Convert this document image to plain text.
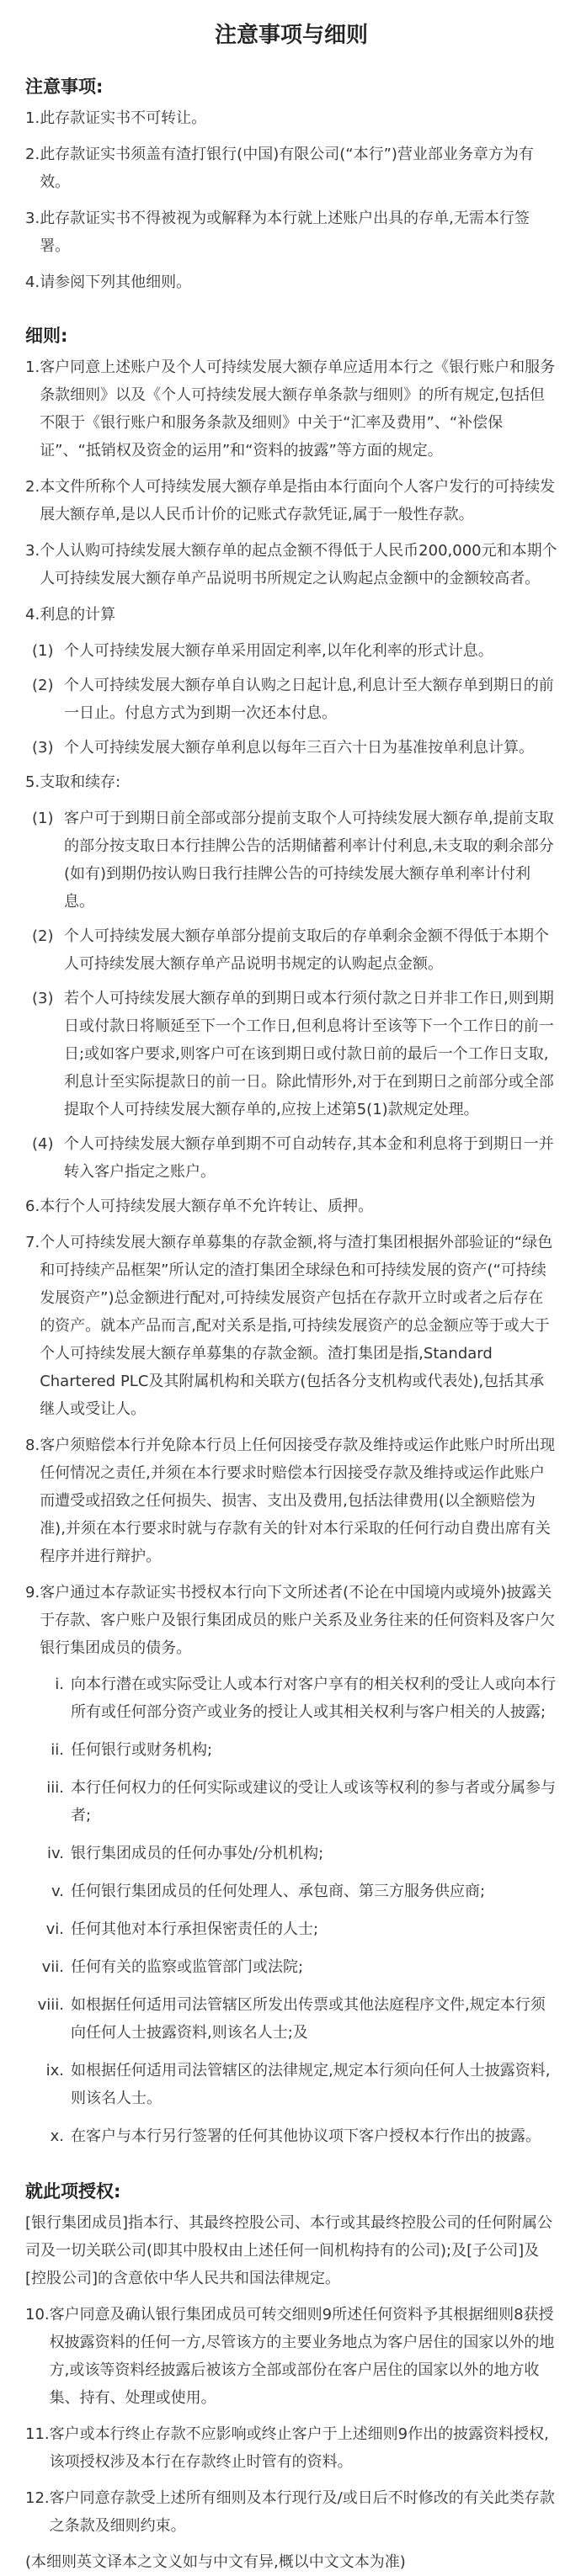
注意事项与细则
注意事项:
1. 此存款证实书不可转让。
2. 此存款证实书须盖有渣打银行(中国)有限公司(“本行”)营业部业务章方为有效。
3. 此存款证实书不得被视为或解释为本行就上述账户出具的存单,无需本行签署。
4. 请参阅下列其他细则。
细则:
1. 客户同意上述账户及个人可持续发展大额存单应适用本行之《银行账户和服务条款细则》以及《个人可持续发展大额存单条款与细则》的所有规定,包括但不限于《银行账户和服务条款及细则》中关于“汇率及费用”、“补偿保证”、“抵销权及资金的运用”和“资料的披露”等方面的规定。
2. 本文件所称个人可持续发展大额存单是指由本行面向个人客户发行的可持续发展大额存单,是以人民币计价的记账式存款凭证,属于一般性存款。
3. 个人认购可持续发展大额存单的起点金额不得低于人民币200,000元和本期个人可持续发展大额存单产品说明书所规定之认购起点金额中的金额较高者。
4. 利息的计算
(1) 个人可持续发展大额存单采用固定利率,以年化利率的形式计息。
(2) 个人可持续发展大额存单自认购之日起计息,利息计至大额存单到期日的前一日止。付息方式为到期一次还本付息。
(3) 个人可持续发展大额存单利息以每年三百六十日为基准按单利息计算。
5. 支取和续存:
(1) 客户可于到期日前全部或部分提前支取个人可持续发展大额存单,提前支取的部分按支取日本行挂牌公告的活期储蓄利率计付利息,未支取的剩余部分(如有)到期仍按认购日我行挂牌公告的可持续发展大额存单利率计付利息。
(2) 个人可持续发展大额存单部分提前支取后的存单剩余金额不得低于本期个人可持续发展大额存单产品说明书规定的认购起点金额。
(3) 若个人可持续发展大额存单的到期日或本行须付款之日并非工作日,则到期日或付款日将顺延至下一个工作日,但利息将计至该等下一个工作日的前一日;或如客户要求,则客户可在该到期日或付款日前的最后一个工作日支取,利息计至实际提款日的前一日。除此情形外,对于在到期日之前部分或全部提取个人可持续发展大额存单的,应按上述第5(1)款规定处理。
(4) 个人可持续发展大额存单到期不可自动转存,其本金和利息将于到期日一并转入客户指定之账户。
6. 本行个人可持续发展大额存单不允许转让、质押。
7. 个人可持续发展大额存单募集的存款金额,将与渣打集团根据外部验证的“绿色和可持续产品框架”所认定的渣打集团全球绿色和可持续发展的资产(“可持续发展资产”)总金额进行配对,可持续发展资产包括在存款开立时或者之后存在的资产。就本产品而言,配对关系是指,可持续发展资产的总金额应等于或大于个人可持续发展大额存单募集的存款金额。渣打集团是指,Standard Chartered PLC及其附属机构和关联方(包括各分支机构或代表处),包括其承继人或受让人。
8. 客户须赔偿本行并免除本行员上任何因接受存款及维持或运作此账户时所出现任何情况之责任,并须在本行要求时赔偿本行因接受存款及维持或运作此账户而遭受或招致之任何损失、损害、支出及费用,包括法律费用(以全额赔偿为准),并须在本行要求时就与存款有关的针对本行采取的任何行动自费出席有关程序并进行辩护。
9. 客户通过本存款证实书授权本行向下文所述者(不论在中国境内或境外)披露关于存款、客户账户及银行集团成员的账户关系及业务往来的任何资料及客户欠银行集团成员的债务。
i. 向本行潜在或实际受让人或本行对客户享有的相关权利的受让人或向本行所有或任何部分资产或业务的授让人或其相关权利与客户相关的人披露;
ii. 任何银行或财务机构;
iii. 本行任何权力的任何实际或建议的受让人或该等权利的参与者或分属参与者;
iv. 银行集团成员的任何办事处/分机机构;
v. 任何银行集团成员的任何处理人、承包商、第三方服务供应商;
vi. 任何其他对本行承担保密责任的人士;
vii. 任何有关的监察或监管部门或法院;
viii. 如根据任何适用司法管辖区所发出传票或其他法庭程序文件,规定本行须向任何人士披露资料,则该名人士;及
ix. 如根据任何适用司法管辖区的法律规定,规定本行须向任何人士披露资料,则该名人士。
x. 在客户与本行另行签署的任何其他协议项下客户授权本行作出的披露。
就此项授权:
[银行集团成员]指本行、其最终控股公司、本行或其最终控股公司的任何附属公司及一切关联公司(即其中股权由上述任何一间机构持有的公司);及[子公司]及[控股公司]的含意依中华人民共和国法律规定。
10. 客户同意及确认银行集团成员可转交细则9所述任何资料予其根据细则8获授权披露资料的任何一方,尽管该方的主要业务地点为客户居住的国家以外的地方,或该等资料经披露后被该方全部或部份在客户居住的国家以外的地方收集、持有、处理或使用。
11. 客户或本行终止存款不应影响或终止客户于上述细则9作出的披露资料授权,该项授权涉及本行在存款终止时管有的资料。
12. 客户同意存款受上述所有细则及本行现行及/或日后不时修改的有关此类存款之条款及细则约束。
(本细则英文译本之文义如与中文有异,概以中文文本为准)
